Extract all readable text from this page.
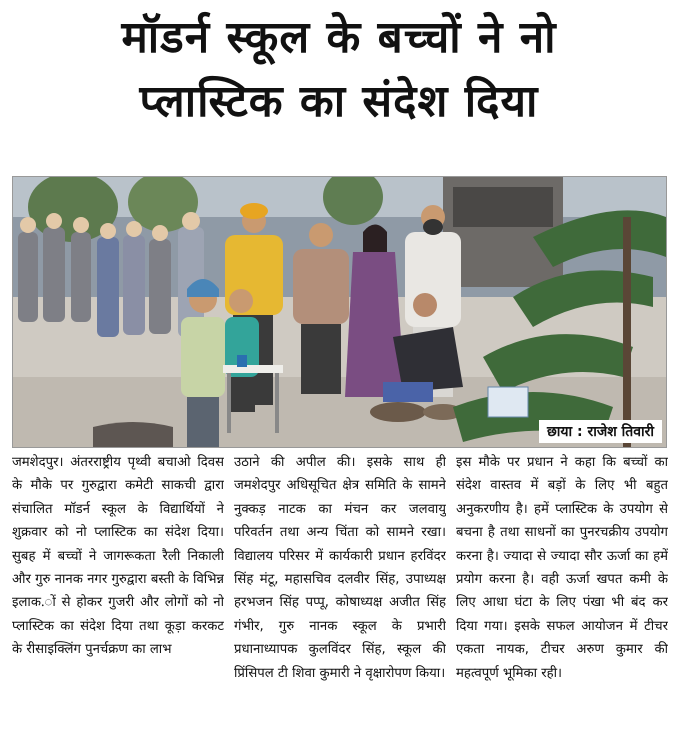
मॉडर्न स्कूल के बच्चों ने नो
प्लास्टिक का संदेश दिया
छाया : राजेश तिवारी
जमशेदपुर। अंतरराष्ट्रीय पृथ्वी बचाओ दिवस के मौके पर गुरुद्वारा कमेटी साकची द्वारा संचालित मॉडर्न स्कूल के विद्यार्थियों ने शुक्रवार को नो प्लास्टिक का संदेश दिया। सुबह में बच्चों ने जागरूकता रैली निकाली और गुरु नानक नगर गुरुद्वारा बस्ती के विभिन्न इलाक.ों से होकर गुजरी और लोगों को नो प्लास्टिक का संदेश दिया तथा कूड़ा करकट के रीसाइक्लिंग पुनर्चक्रण का लाभ
उठाने की अपील की। इसके साथ ही जमशेदपुर अधिसूचित क्षेत्र समिति के सामने नुक्कड़ नाटक का मंचन कर जलवायु परिवर्तन तथा अन्य चिंता को सामने रखा। विद्यालय परिसर में कार्यकारी प्रधान हरविंदर सिंह मंटू, महासचिव दलवीर सिंह, उपाध्यक्ष हरभजन सिंह पप्पू, कोषाध्यक्ष अजीत सिंह गंभीर, गुरु नानक स्कूल के प्रभारी प्रधानाध्यापक कुलविंदर सिंह, स्कूल की प्रिंसिपल टी शिवा कुमारी ने वृक्षारोपण किया।
इस मौके पर प्रधान ने कहा कि बच्चों का संदेश वास्तव में बड़ों के लिए भी बहुत अनुकरणीय है। हमें प्लास्टिक के उपयोग से बचना है तथा साधनों का पुनरचक्रीय उपयोग करना है। ज्यादा से ज्यादा सौर ऊर्जा का हमें प्रयोग करना है। वही ऊर्जा खपत कमी के लिए आधा घंटा के लिए पंखा भी बंद कर दिया गया। इसके सफल आयोजन में टीचर एकता नायक, टीचर अरुण कुमार की महत्वपूर्ण भूमिका रही।
